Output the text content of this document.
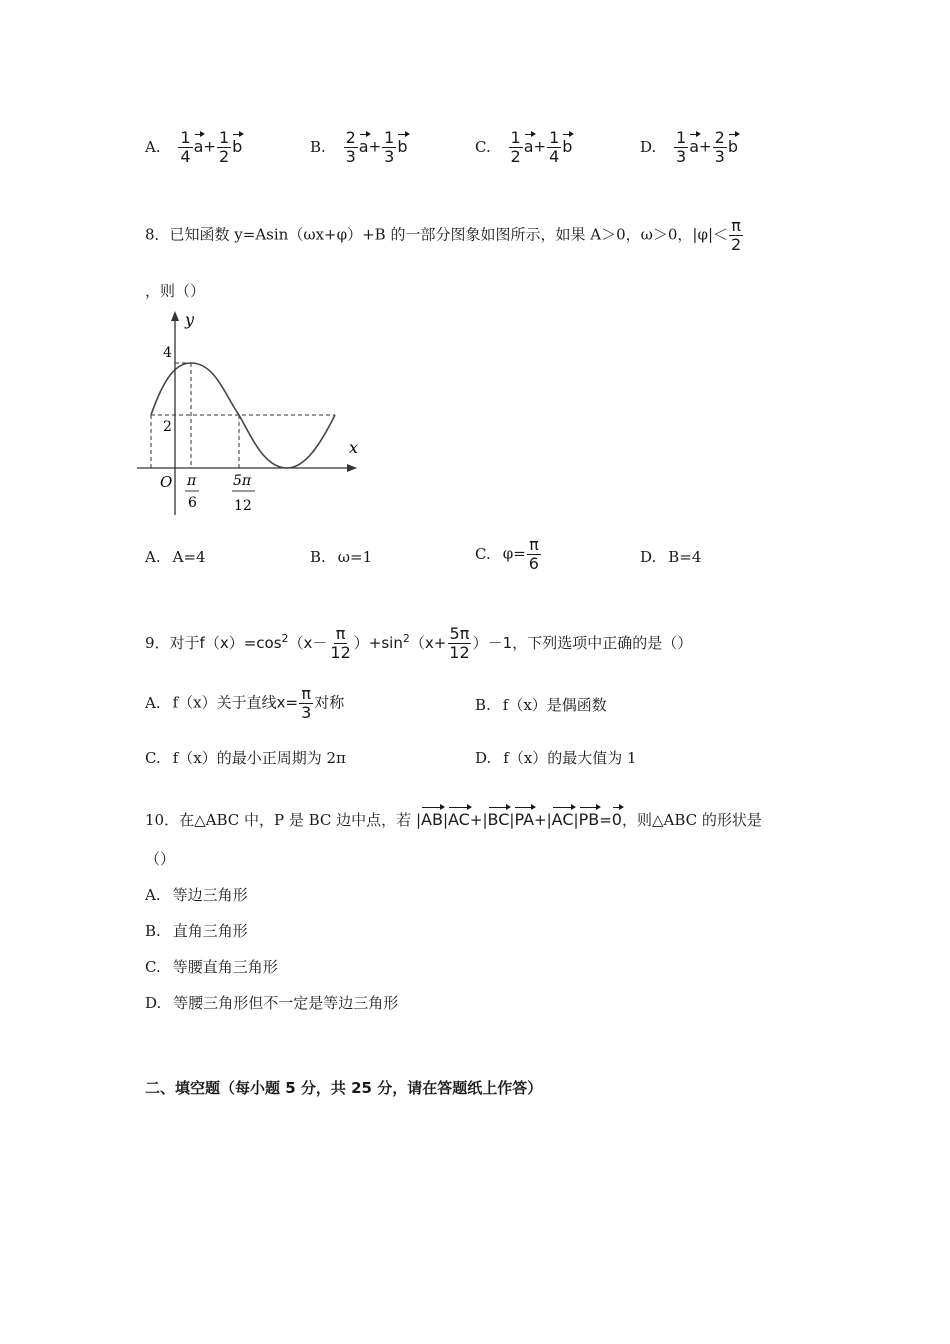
A. $\frac{1}{4} a+ \frac{1}{2}$ b	B. $\frac{2}{3} a+ \frac{1}{3}$ b	C. $\frac{1}{2} a+ \frac{1}{4}$ b	D. $\frac{1}{3} a+ \frac{2}{3}$ b
8．已知函数 y=Asin（ωx+φ）+B 的一部分图象如图所示，如果 A＞0，ω＞0，$|\varphi|< \frac{\pi}{2}$
，则（）
y
x
O
4
2
π
6
5π
12
A. A=4	B. ω=1	C. $\varphi= \frac{\pi}{6}$	D. B=4
9．对于$f(x)=\cos^2(x- \frac{\pi}{12} )+\sin^2(x+ \frac{5\pi}{12} )-1$，下列选项中正确的是（）
A. f（x）关于直线$x= \frac{\pi}{3}$ 对称	B. f（x）是偶函数
C. f（x）的最小正周期为 2π	D. f（x）的最大值为 1
10．在△ABC 中，P 是 BC 边中点，若 |AB|AC+|BC|PA+|AC|PB=0，则△ABC 的形状是
（）
A. 等边三角形
B. 直角三角形
C. 等腰直角三角形
D. 等腰三角形但不一定是等边三角形
二、填空题（每小题 5 分，共 25 分，请在答题纸上作答）
